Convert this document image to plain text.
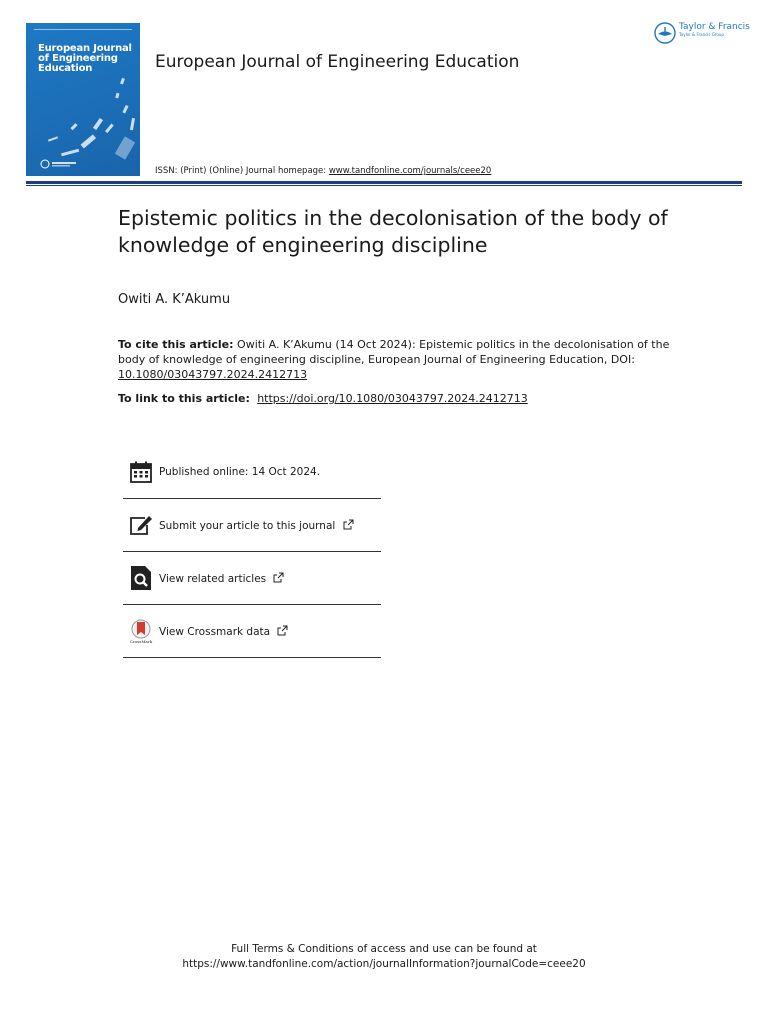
European Journal
of Engineering
Education	European Journal of Engineering Education
Taylor & Francis
Taylor & Francis Group
ISSN: (Print) (Online) Journal homepage: www.tandfonline.com/journals/ceee20
Epistemic politics in the decolonisation of the body of knowledge of engineering discipline
Owiti A. K’Akumu
To cite this article: Owiti A. K’Akumu (14 Oct 2024): Epistemic politics in the decolonisation of the body of knowledge of engineering discipline, European Journal of Engineering Education, DOI: 10.1080/03043797.2024.2412713
To link to this article:  https://doi.org/10.1080/03043797.2024.2412713
Published online: 14 Oct 2024.
Submit your article to this journal
View related articles
CrossMark
View Crossmark data
Full Terms & Conditions of access and use can be found at
https://www.tandfonline.com/action/journalInformation?journalCode=ceee20
